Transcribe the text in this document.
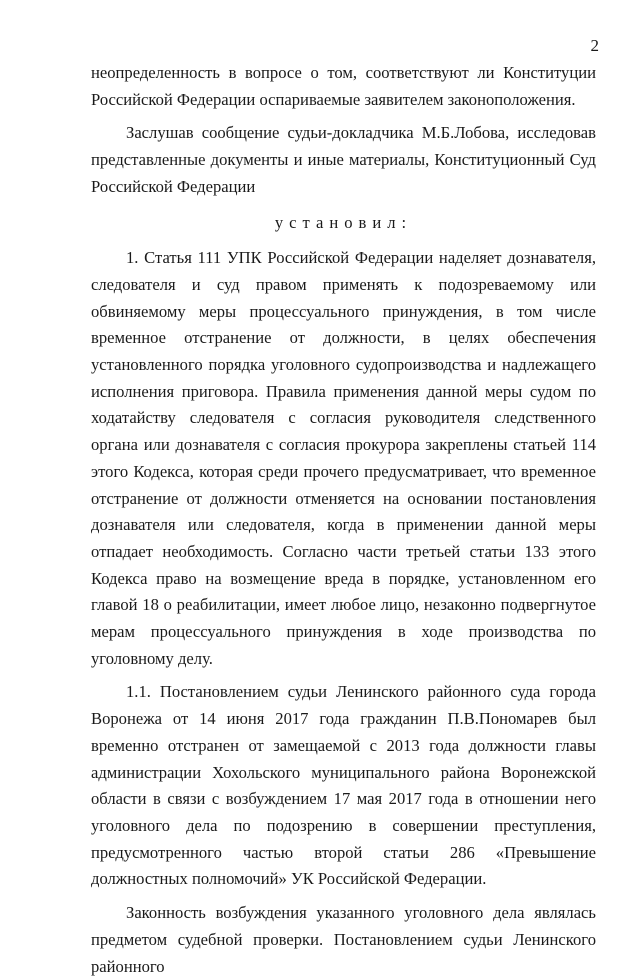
2

неопределенность в вопросе о том, соответствуют ли Конституции Российской Федерации оспариваемые заявителем законоположения.

Заслушав сообщение судьи-докладчика М.Б.Лобова, исследовав представленные документы и иные материалы, Конституционный Суд Российской Федерации

установил:

1. Статья 111 УПК Российской Федерации наделяет дознавателя, следователя и суд правом применять к подозреваемому или обвиняемому меры процессуального принуждения, в том числе временное отстранение от должности, в целях обеспечения установленного порядка уголовного судопроизводства и надлежащего исполнения приговора. Правила применения данной меры судом по ходатайству следователя с согласия руководителя следственного органа или дознавателя с согласия прокурора закреплены статьей 114 этого Кодекса, которая среди прочего предусматривает, что временное отстранение от должности отменяется на основании постановления дознавателя или следователя, когда в применении данной меры отпадает необходимость. Согласно части третьей статьи 133 этого Кодекса право на возмещение вреда в порядке, установленном его главой 18 о реабилитации, имеет любое лицо, незаконно подвергнутое мерам процессуального принуждения в ходе производства по уголовному делу.

1.1. Постановлением судьи Ленинского районного суда города Воронежа от 14 июня 2017 года гражданин П.В.Пономарев был временно отстранен от замещаемой с 2013 года должности главы администрации Хохольского муниципального района Воронежской области в связи с возбуждением 17 мая 2017 года в отношении него уголовного дела по подозрению в совершении преступления, предусмотренного частью второй статьи 286 «Превышение должностных полномочий» УК Российской Федерации.

Законность возбуждения указанного уголовного дела являлась предметом судебной проверки. Постановлением судьи Ленинского районного
